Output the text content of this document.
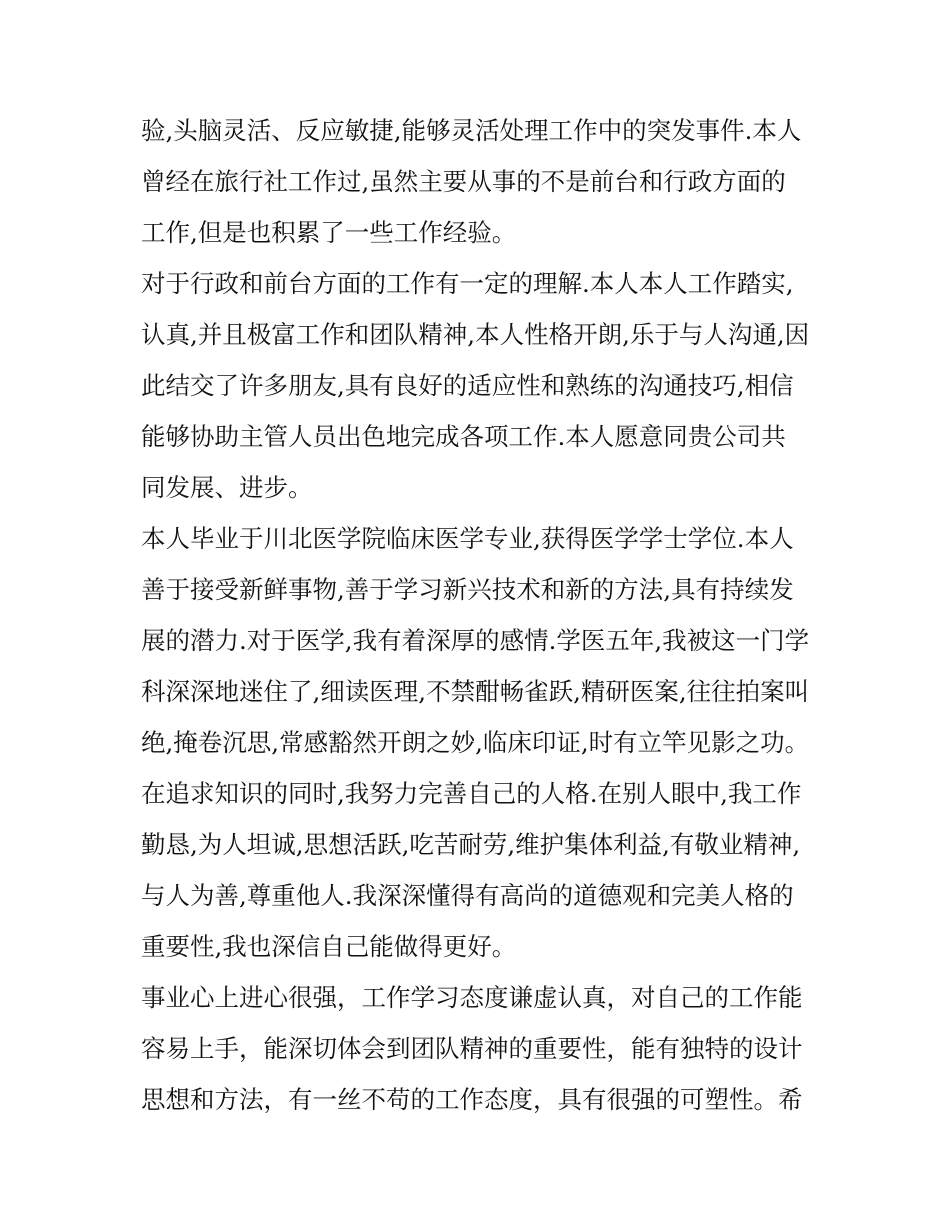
验,头脑灵活、反应敏捷,能够灵活处理工作中的突发事件.本人
曾经在旅行社工作过,虽然主要从事的不是前台和行政方面的
工作,但是也积累了一些工作经验。
对于行政和前台方面的工作有一定的理解.本人本人工作踏实,
认真,并且极富工作和团队精神,本人性格开朗,乐于与人沟通,因
此结交了许多朋友,具有良好的适应性和熟练的沟通技巧,相信
能够协助主管人员出色地完成各项工作.本人愿意同贵公司共
同发展、进步。
本人毕业于川北医学院临床医学专业,获得医学学士学位.本人
善于接受新鲜事物,善于学习新兴技术和新的方法,具有持续发
展的潜力.对于医学,我有着深厚的感情.学医五年,我被这一门学
科深深地迷住了,细读医理,不禁酣畅雀跃,精研医案,往往拍案叫
绝,掩卷沉思,常感豁然开朗之妙,临床印证,时有立竿见影之功。
在追求知识的同时,我努力完善自己的人格.在别人眼中,我工作
勤恳,为人坦诚,思想活跃,吃苦耐劳,维护集体利益,有敬业精神,
与人为善,尊重他人.我深深懂得有高尚的道德观和完美人格的
重要性,我也深信自己能做得更好。
事业心上进心很强，工作学习态度谦虚认真，对自己的工作能
容易上手，能深切体会到团队精神的重要性，能有独特的设计
思想和方法，有一丝不苟的工作态度，具有很强的可塑性。希
